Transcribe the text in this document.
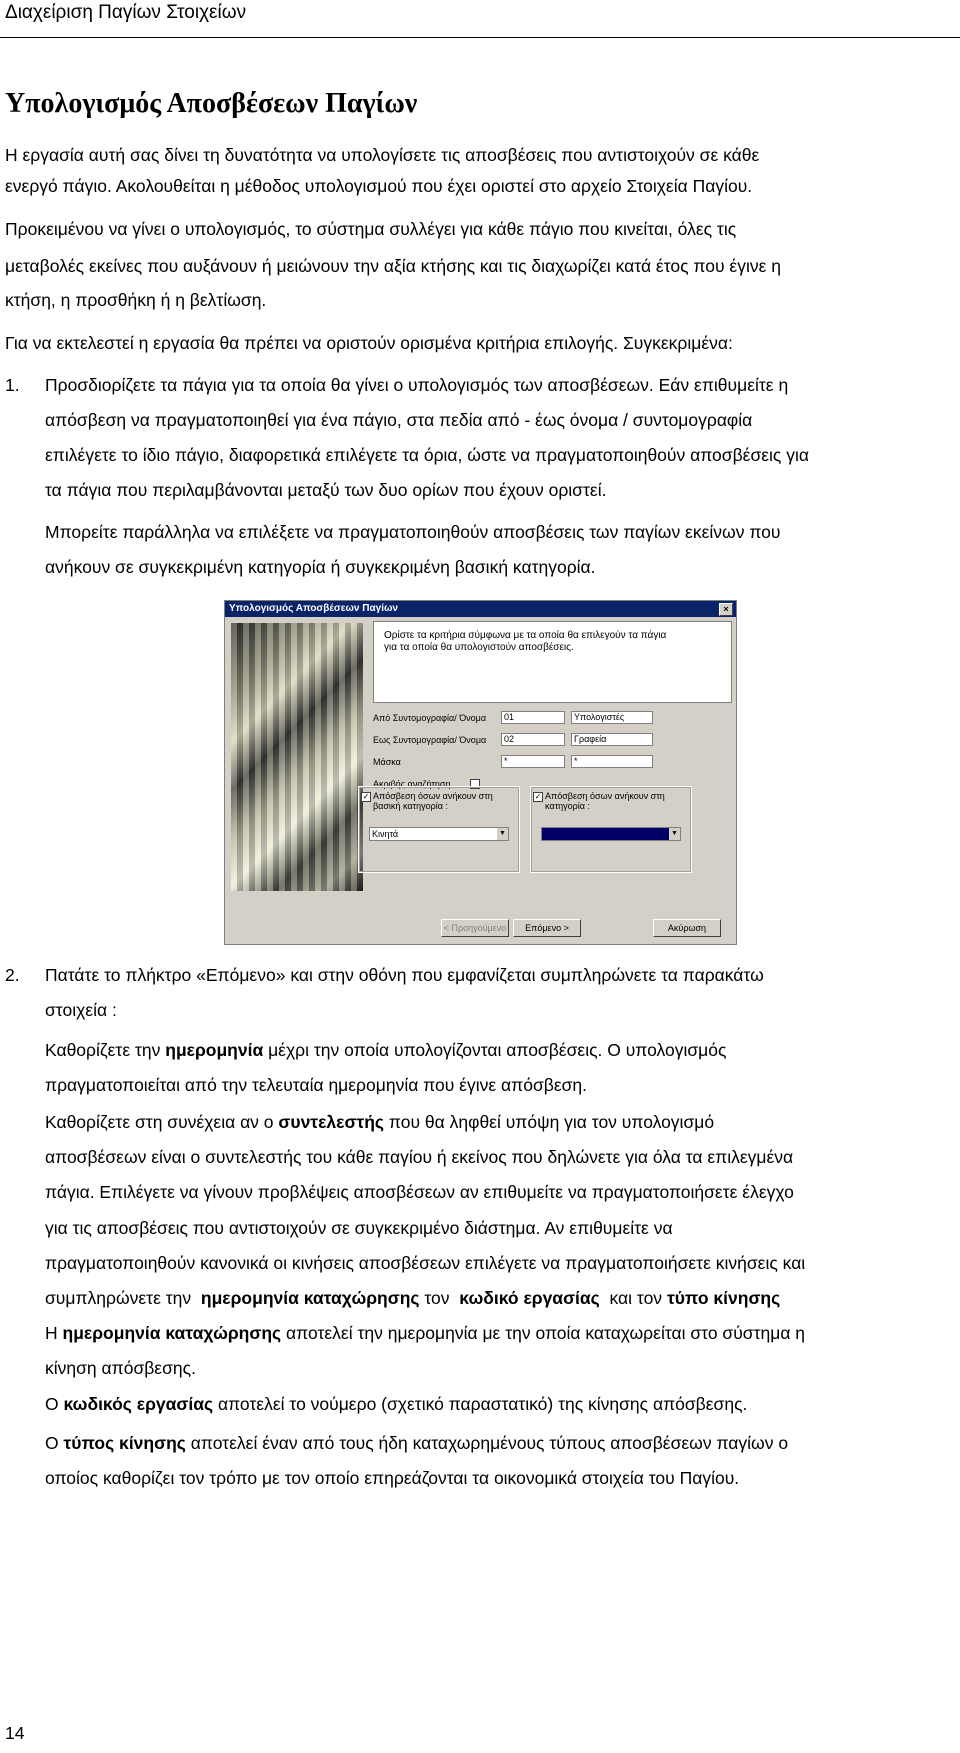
Διαχείριση Παγίων Στοιχείων
Υπολογισμός Αποσβέσεων Παγίων

Η εργασία αυτή σας δίνει τη δυνατότητα να υπολογίσετε τις αποσβέσεις που αντιστοιχούν σε κάθε

ενεργό πάγιο. Ακολουθείται η μέθοδος υπολογισμού που έχει οριστεί στο αρχείο Στοιχεία Παγίου.

Προκειμένου να γίνει ο υπολογισμός, το σύστημα συλλέγει για κάθε πάγιο που κινείται, όλες τις

μεταβολές εκείνες που αυξάνουν ή μειώνουν την αξία κτήσης και τις διαχωρίζει κατά έτος που έγινε η

κτήση, η προσθήκη ή η βελτίωση.

Για να εκτελεστεί η εργασία θα πρέπει να οριστούν ορισμένα κριτήρια επιλογής. Συγκεκριμένα:

1. Προσδιορίζετε τα πάγια για τα οποία θα γίνει ο υπολογισμός των αποσβέσεων. Εάν επιθυμείτε η

απόσβεση να πραγματοποιηθεί για ένα πάγιο, στα πεδία από - έως όνομα / συντομογραφία

επιλέγετε το ίδιο πάγιο, διαφορετικά επιλέγετε τα όρια, ώστε να πραγματοποιηθούν αποσβέσεις για

τα πάγια που περιλαμβάνονται μεταξύ των δυο ορίων που έχουν οριστεί.

Μπορείτε παράλληλα να επιλέξετε να πραγματοποιηθούν αποσβέσεις των παγίων εκείνων που

ανήκουν σε συγκεκριμένη κατηγορία ή συγκεκριμένη βασική κατηγορία.

Υπολογισμός Αποσβέσεων Παγίων	×
Ορίστε τα κριτήρια σύμφωνα με τα οποία θα επιλεγούν τα πάγια
για τα οποία θα υπολογιστούν αποσβέσεις.
Από Συντομογραφία/ Όνομα	01	Υπολογιστές
Εως Συντομογραφία/ Όνομα	02	Γραφεία
Μάσκα	*	*
Ακριβής αναζήτηση
✓ Απόσβεση όσων ανήκουν στη βασική κατηγορία :
Κινητά	▼
✓ Απόσβεση όσων ανήκουν στη κατηγορία :
▼
< Προηγούμενο	Επόμενο >	Ακύρωση
2. Πατάτε το πλήκτρο «Επόμενο» και στην οθόνη που εμφανίζεται συμπληρώνετε τα παρακάτω

στοιχεία :

Καθορίζετε την ημερομηνία μέχρι την οποία υπολογίζονται αποσβέσεις. Ο υπολογισμός

πραγματοποιείται από την τελευταία ημερομηνία που έγινε απόσβεση.

Καθορίζετε στη συνέχεια αν ο συντελεστής που θα ληφθεί υπόψη για τον υπολογισμό

αποσβέσεων είναι ο συντελεστής του κάθε παγίου ή εκείνος που δηλώνετε για όλα τα επιλεγμένα

πάγια. Επιλέγετε να γίνουν προβλέψεις αποσβέσεων αν επιθυμείτε να πραγματοποιήσετε έλεγχο

για τις αποσβέσεις που αντιστοιχούν σε συγκεκριμένο διάστημα. Αν επιθυμείτε να

πραγματοποιηθούν κανονικά οι κινήσεις αποσβέσεων επιλέγετε να πραγματοποιήσετε κινήσεις και

συμπληρώνετε την ημερομηνία καταχώρησης τον κωδικό εργασίας και τον τύπο κίνησης

Η ημερομηνία καταχώρησης αποτελεί την ημερομηνία με την οποία καταχωρείται στο σύστημα η

κίνηση απόσβεσης.

Ο κωδικός εργασίας αποτελεί το νούμερο (σχετικό παραστατικό) της κίνησης απόσβεσης.

Ο τύπος κίνησης αποτελεί έναν από τους ήδη καταχωρημένους τύπους αποσβέσεων παγίων ο

οποίος καθορίζει τον τρόπο με τον οποίο επηρεάζονται τα οικονομικά στοιχεία του Παγίου.

14
